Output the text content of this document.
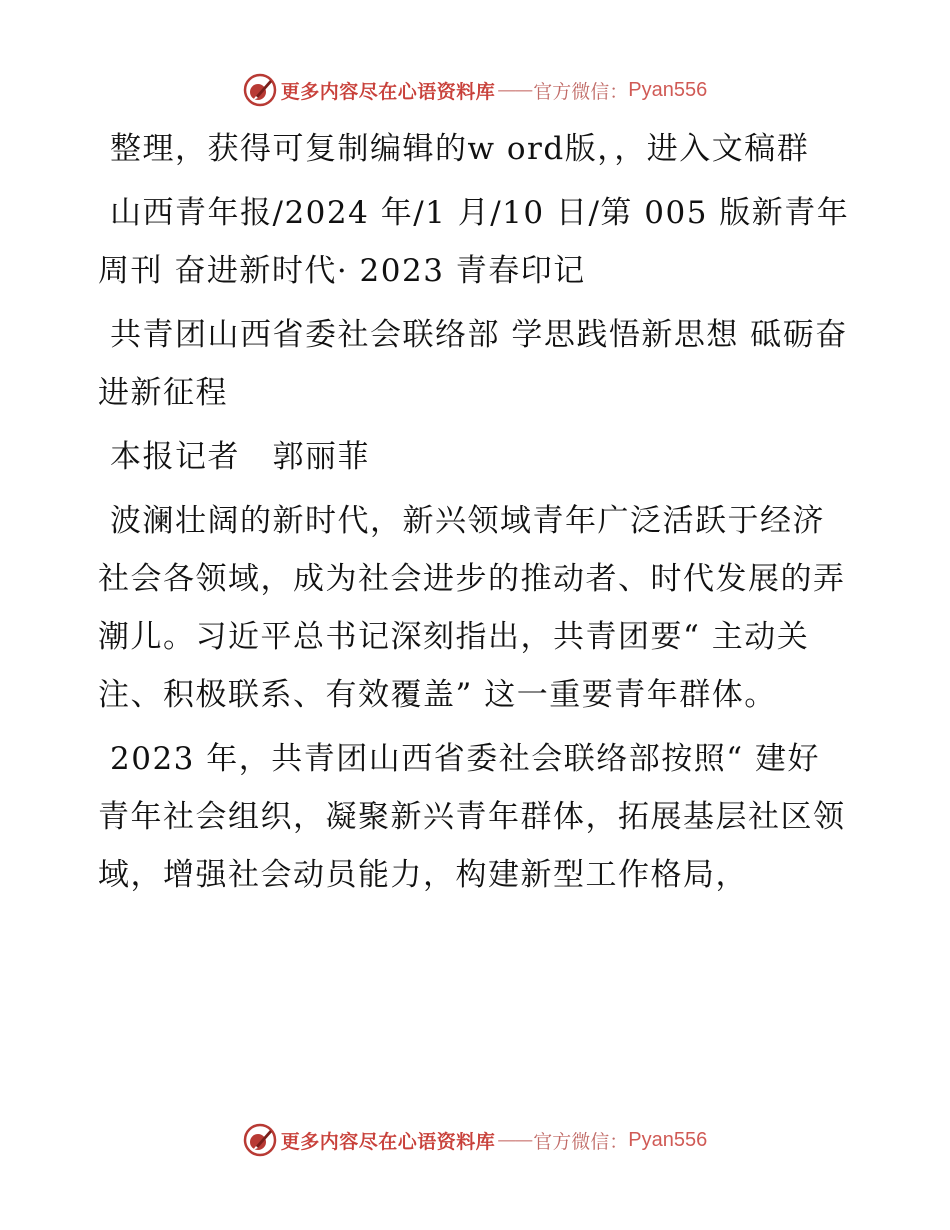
更多内容尽在心语资料库 —— 官方微信： Pyan556

整理，获得可复制编辑的w ord版，，进入文稿群

山西青年报/2024 年/1 月/10 日/第 005 版新青年周刊 奋进新时代· 2023 青春印记

共青团山西省委社会联络部 学思践悟新思想 砥砺奋进新征程

本报记者　郭丽菲

波澜壮阔的新时代，新兴领域青年广泛活跃于经济社会各领域，成为社会进步的推动者、时代发展的弄潮儿。习近平总书记深刻指出，共青团要“ 主动关注、积极联系、有效覆盖” 这一重要青年群体。

2023 年，共青团山西省委社会联络部按照“ 建好青年社会组织，凝聚新兴青年群体，拓展基层社区领域，增强社会动员能力，构建新型工作格局，

更多内容尽在心语资料库 —— 官方微信： Pyan556
